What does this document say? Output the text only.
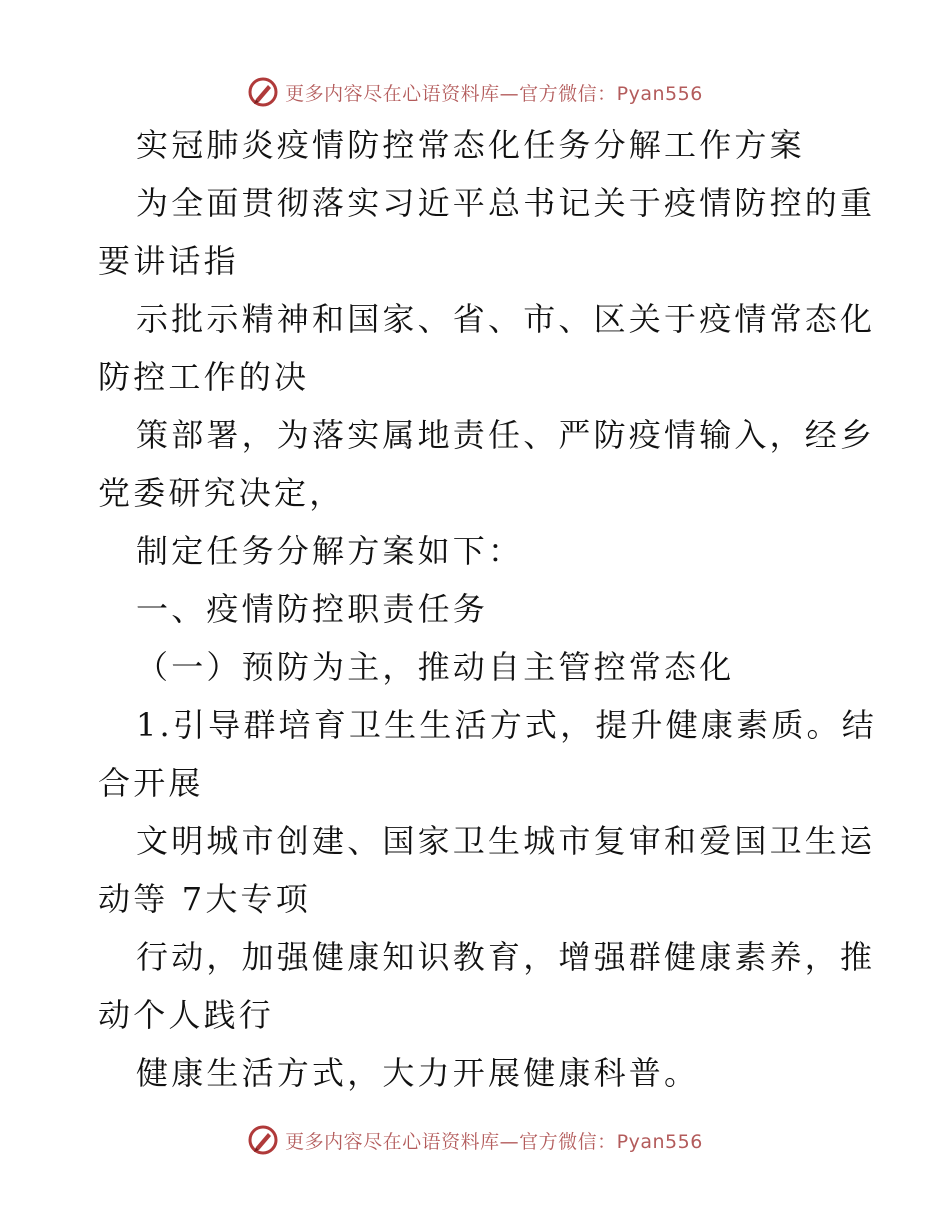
更多内容尽在心语资料库—官方微信：Pyan556
实冠肺炎疫情防控常态化任务分解工作方案
为全面贯彻落实习近平总书记关于疫情防控的重
要讲话指
示批示精神和国家、省、市、区关于疫情常态化
防控工作的决
策部署，为落实属地责任、严防疫情输入，经乡
党委研究决定，
制定任务分解方案如下：
一、疫情防控职责任务
（一）预防为主，推动自主管控常态化
1.引导群培育卫生生活方式，提升健康素质。结
合开展
文明城市创建、国家卫生城市复审和爱国卫生运
动等 7大专项
行动，加强健康知识教育，增强群健康素养，推
动个人践行
健康生活方式，大力开展健康科普。
更多内容尽在心语资料库—官方微信：Pyan556
